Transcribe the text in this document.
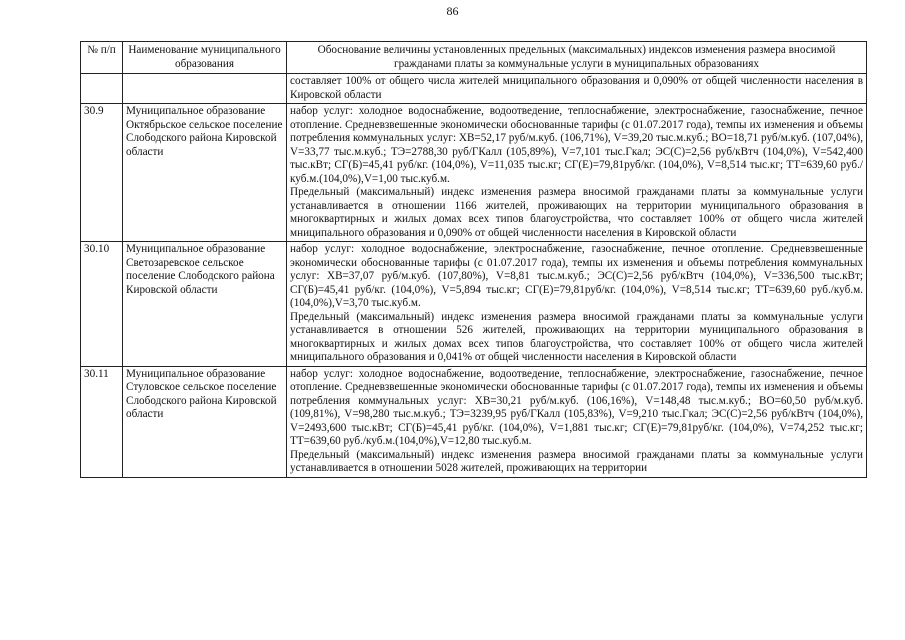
86
№ п/п	Наименование муниципального образования	Обоснование величины установленных предельных (максимальных) индексов изменения размера вносимой гражданами платы за коммунальные услуги в муниципальных образованиях

		составляет 100% от общего числа жителей мниципального образования и 0,090% от общей численности населения в Кировской области

30.9	Муниципальное образование Октябрьское сельское поселение Слободского района Кировской области	набор услуг: холодное водоснабжение, водоотведение, теплоснабжение, электроснабжение, газоснабжение, печное отопление. Средневзвешенные экономически обоснованные тарифы (с 01.07.2017 года), темпы их изменения и объемы потребления коммунальных услуг: ХВ=52,17 руб/м.куб. (106,71%), V=39,20 тыс.м.куб.; ВО=18,71 руб/м.куб. (107,04%), V=33,77 тыс.м.куб.; ТЭ=2788,30 руб/ГКалл (105,89%), V=7,101 тыс.Гкал; ЭС(С)=2,56 руб/кВтч (104,0%), V=542,400 тыс.кВт; СГ(Б)=45,41 руб/кг. (104,0%), V=11,035 тыс.кг; СГ(Е)=79,81руб/кг. (104,0%), V=8,514 тыс.кг; ТТ=639,60 руб./куб.м.(104,0%),V=1,00 тыс.куб.м.

Предельный (максимальный) индекс изменения размера вносимой гражданами платы за коммунальные услуги устанавливается в отношении 1166 жителей, проживающих на территории муниципального образования в многоквартирных и жилых домах всех типов благоустройства, что составляет 100% от общего числа жителей мниципального образования и 0,090% от общей численности населения в Кировской области

30.10	Муниципальное образование Светозаревское сельское поселение Слободского района Кировской области	набор услуг: холодное водоснабжение, электроснабжение, газоснабжение, печное отопление. Средневзвешенные экономически обоснованные тарифы (с 01.07.2017 года), темпы их изменения и объемы потребления коммунальных услуг: ХВ=37,07 руб/м.куб. (107,80%), V=8,81 тыс.м.куб.; ЭС(С)=2,56 руб/кВтч (104,0%), V=336,500 тыс.кВт; СГ(Б)=45,41 руб/кг. (104,0%), V=5,894 тыс.кг; СГ(Е)=79,81руб/кг. (104,0%), V=8,514 тыс.кг; ТТ=639,60 руб./куб.м.(104,0%),V=3,70 тыс.куб.м.

Предельный (максимальный) индекс изменения размера вносимой гражданами платы за коммунальные услуги устанавливается в отношении 526 жителей, проживающих на территории муниципального образования в многоквартирных и жилых домах всех типов благоустройства, что составляет 100% от общего числа жителей мниципального образования и 0,041% от общей численности населения в Кировской области

30.11	Муниципальное образование Стуловское сельское поселение Слободского района Кировской области	набор услуг: холодное водоснабжение, водоотведение, теплоснабжение, электроснабжение, газоснабжение, печное отопление. Средневзвешенные экономически обоснованные тарифы (с 01.07.2017 года), темпы их изменения и объемы потребления коммунальных услуг: ХВ=30,21 руб/м.куб. (106,16%), V=148,48 тыс.м.куб.; ВО=60,50 руб/м.куб. (109,81%), V=98,280 тыс.м.куб.; ТЭ=3239,95 руб/ГКалл (105,83%), V=9,210 тыс.Гкал; ЭС(С)=2,56 руб/кВтч (104,0%), V=2493,600 тыс.кВт; СГ(Б)=45,41 руб/кг. (104,0%), V=1,881 тыс.кг; СГ(Е)=79,81руб/кг. (104,0%), V=74,252 тыс.кг; ТТ=639,60 руб./куб.м.(104,0%),V=12,80 тыс.куб.м.

Предельный (максимальный) индекс изменения размера вносимой гражданами платы за коммунальные услуги устанавливается в отношении 5028 жителей, проживающих на территории
